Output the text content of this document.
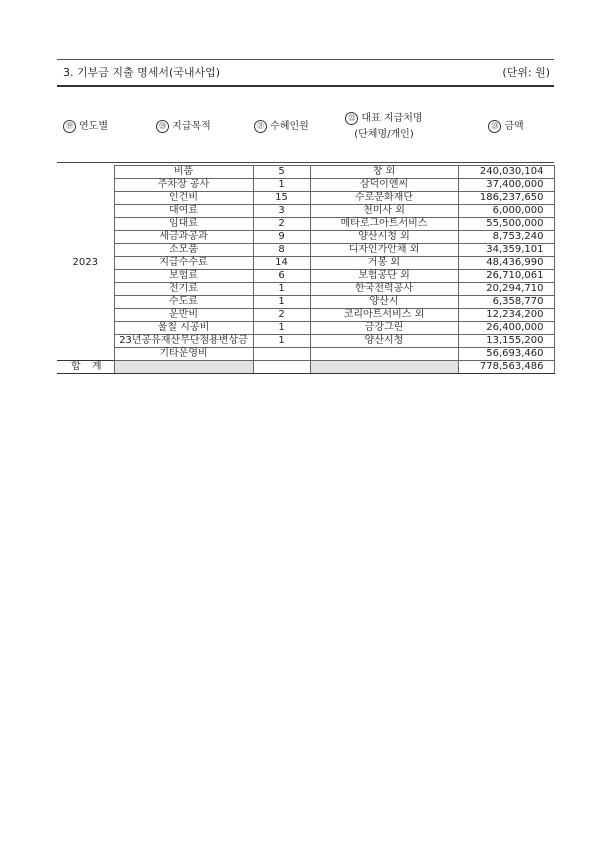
3. 기부금 지출 명세서(국내사업)	(단위: 원)
⑲ 연도별	⑳ 지급목적	㉑ 수혜인원	㉒ 대표 지급처명
(단체명/개인)	㉓ 금액

2023	비품	5	창 외	240,030,104
	주차장 공사	1	삼덕이앤씨	37,400,000
	인건비	15	수로문화재단	186,237,650
	대여료	3	천미사 외	6,000,000
	임대료	2	메타로그아트서비스	55,500,000
	세금과공과	9	양산시청 외	8,753,240
	소모품	8	디자인가안채 외	34,359,101
	지급수수료	14	거봉 외	48,436,990
	보험료	6	보험공단 외	26,710,061
	전기료	1	한국전력공사	20,294,710
	수도료	1	양산시	6,358,770
	운반비	2	코리아트서비스 외	12,234,200
	울칠 시공비	1	금강그린	26,400,000
	23년공유재산무단점용변상금	1	양산시청	13,155,200
	기타운영비			56,693,460
합 계				778,563,486
